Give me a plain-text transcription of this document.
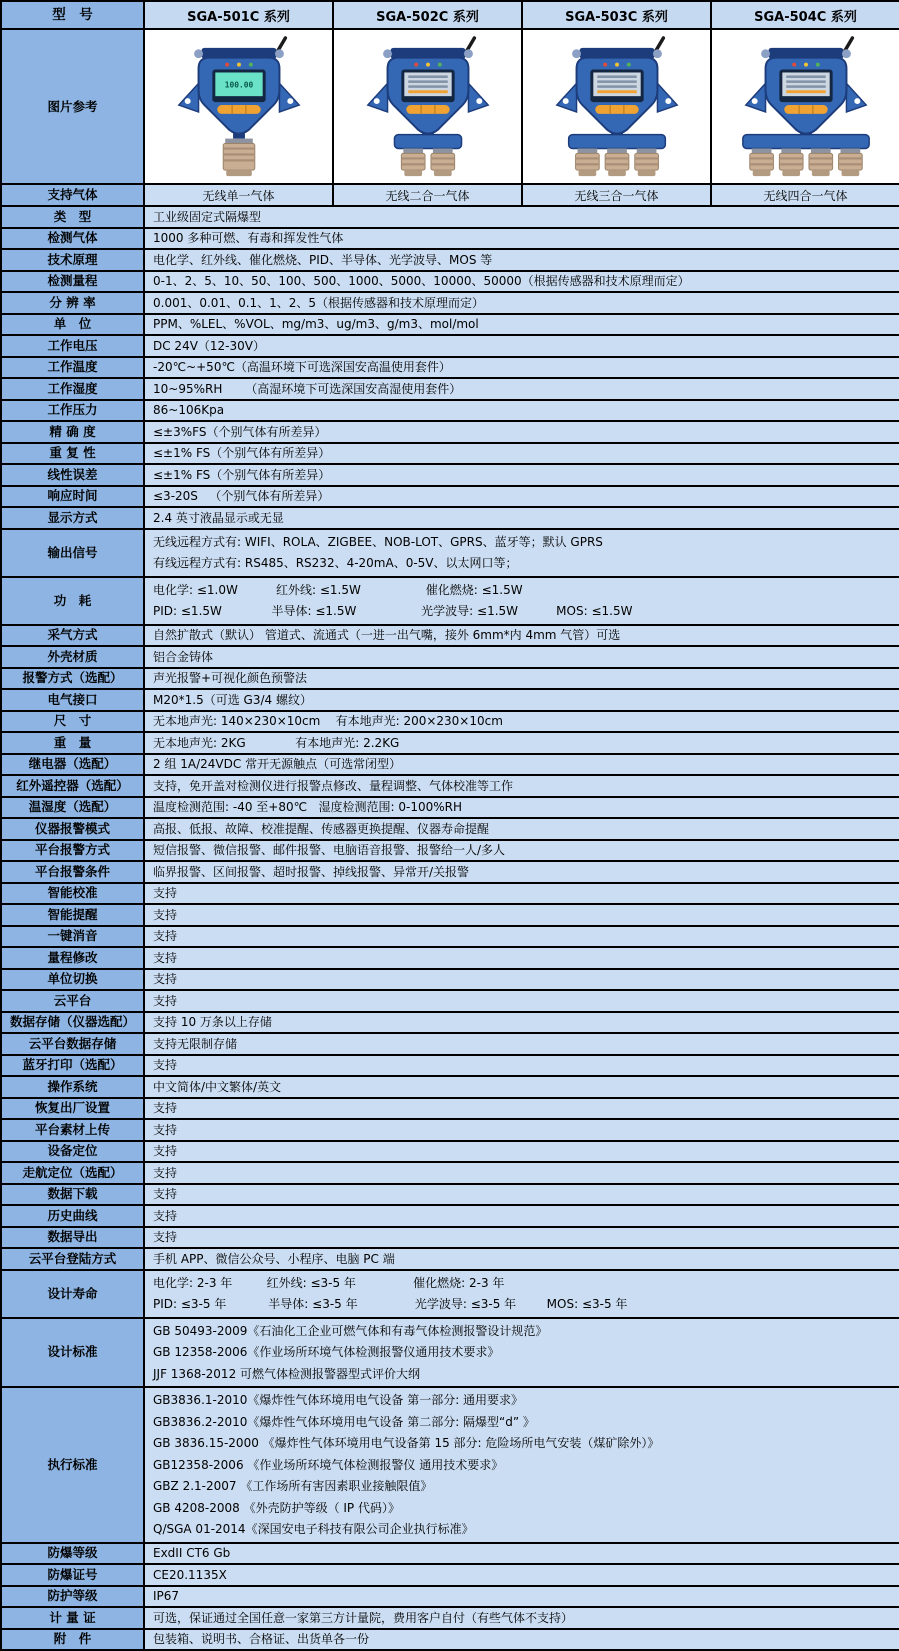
型　号	SGA-501C 系列	SGA-502C 系列	SGA-503C 系列	SGA-504C 系列
图片参考	100.00

支持气体	无线单一气体	无线二合一气体	无线三合一气体	无线四合一气体
类　型	工业级固定式隔爆型			
检测气体	1000 多种可燃、有毒和挥发性气体			
技术原理	电化学、红外线、催化燃烧、PID、半导体、光学波导、MOS 等			
检测量程	0-1、2、5、10、50、100、500、1000、5000、10000、50000（根据传感器和技术原理而定）			
分 辨 率	0.001、0.01、0.1、1、2、5（根据传感器和技术原理而定）			
单　位	PPM、%LEL、%VOL、mg/m3、ug/m3、g/m3、mol/mol			
工作电压	DC 24V（12-30V）			
工作温度	-20℃~+50℃（高温环境下可选深国安高温使用套件）			
工作湿度	10~95%RH      （高湿环境下可选深国安高湿使用套件）			
工作压力	86~106Kpa			
精 确 度	≤±3%FS（个别气体有所差异）			
重 复 性	≤±1% FS（个别气体有所差异）			
线性误差	≤±1% FS（个别气体有所差异）			
响应时间	≤3-20S   （个别气体有所差异）			
显示方式	2.4 英寸液晶显示或无显			
输出信号	无线远程方式有: WIFI、ROLA、ZIGBEE、NOB-LOT、GPRS、蓝牙等；默认 GPRS
有线远程方式有: RS485、RS232、4-20mA、0-5V、以太网口等；			

功　耗	电化学: ≤1.0W          红外线: ≤1.5W                 催化燃烧: ≤1.5W
PID: ≤1.5W             半导体: ≤1.5W                 光学波导: ≤1.5W          MOS: ≤1.5W			

采气方式	自然扩散式（默认） 管道式、流通式（一进一出气嘴，接外 6mm*内 4mm 气管）可选			
外壳材质	铝合金铸体			
报警方式（选配）	声光报警+可视化颜色预警法			
电气接口	M20*1.5（可选 G3/4 螺纹）			
尺　寸	无本地声光: 140×230×10cm    有本地声光: 200×230×10cm			
重　量	无本地声光: 2KG             有本地声光: 2.2KG			
继电器（选配）	2 组 1A/24VDC 常开无源触点（可选常闭型）			
红外遥控器（选配）	支持，免开盖对检测仪进行报警点修改、量程调整、气体校准等工作			
温湿度（选配）	温度检测范围: -40 至+80℃   湿度检测范围: 0-100%RH			
仪器报警模式	高报、低报、故障、校准提醒、传感器更换提醒、仪器寿命提醒			
平台报警方式	短信报警、微信报警、邮件报警、电脑语音报警、报警给一人/多人			
平台报警条件	临界报警、区间报警、超时报警、掉线报警、异常开/关报警			
智能校准	支持			
智能提醒	支持			
一键消音	支持			
量程修改	支持			
单位切换	支持			
云平台	支持			
数据存储（仪器选配）	支持 10 万条以上存储			
云平台数据存储	支持无限制存储			
蓝牙打印（选配）	支持			
操作系统	中文简体/中文繁体/英文			
恢复出厂设置	支持			
平台素材上传	支持			
设备定位	支持			
走航定位（选配）	支持			
数据下载	支持			
历史曲线	支持			
数据导出	支持			
云平台登陆方式	手机 APP、微信公众号、小程序、电脑 PC 端			
设计寿命	电化学: 2-3 年         红外线: ≤3-5 年               催化燃烧: 2-3 年
PID: ≤3-5 年           半导体: ≤3-5 年               光学波导: ≤3-5 年        MOS: ≤3-5 年			

设计标准	GB 50493-2009《石油化工企业可燃气体和有毒气体检测报警设计规范》
GB 12358-2006《作业场所环境气体检测报警仪通用技术要求》
JJF 1368-2012 可燃气体检测报警器型式评价大纲			

执行标准	
GB3836.1-2010《爆炸性气体环境用电气设备 第一部分: 通用要求》
GB3836.2-2010《爆炸性气体环境用电气设备 第二部分: 隔爆型“d” 》
GB 3836.15-2000 《爆炸性气体环境用电气设备第 15 部分: 危险场所电气安装（煤矿除外）》
GB12358-2006 《作业场所环境气体检测报警仪 通用技术要求》
GBZ 2.1-2007 《工作场所有害因素职业接触限值》
GB 4208-2008 《外壳防护等级（ IP 代码）》
Q/SGA 01-2014《深国安电子科技有限公司企业执行标准》

防爆等级	ExdII CT6 Gb			
防爆证号	CE20.1135X			
防护等级	IP67			
计 量 证	可选，保证通过全国任意一家第三方计量院，费用客户自付（有些气体不支持）			
附　件	包装箱、说明书、合格证、出货单各一份			
